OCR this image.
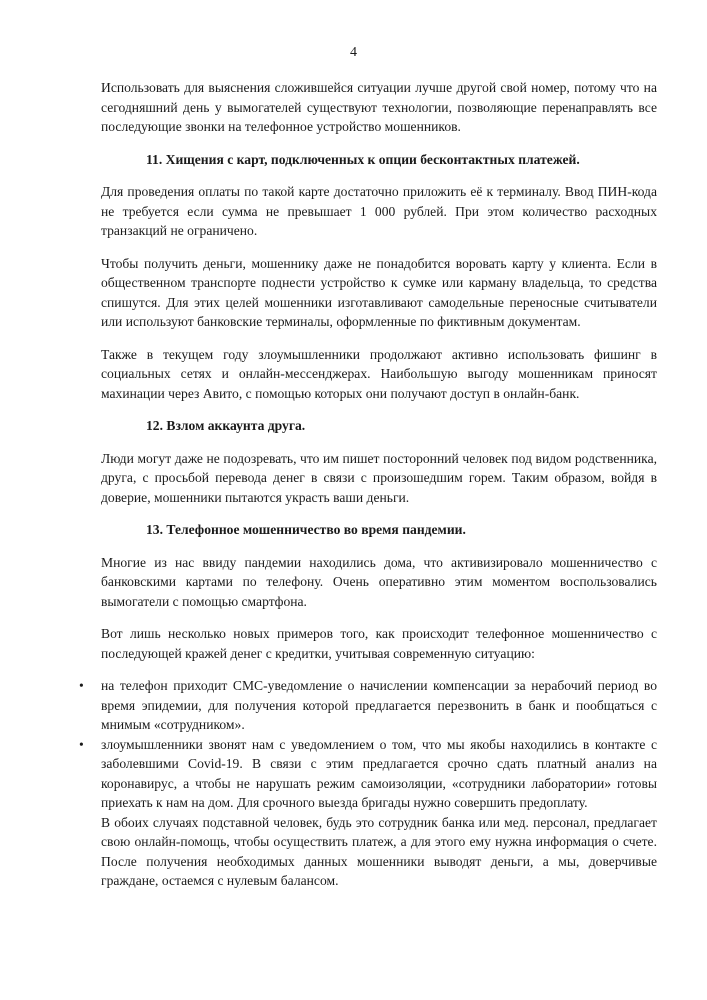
4

Использовать для выяснения сложившейся ситуации лучше другой свой номер, потому что на сегодняшний день у вымогателей существуют технологии, позволяющие перенаправлять все последующие звонки на телефонное устройство мошенников.

11. Хищения с карт, подключенных к опции бесконтактных платежей.

Для проведения оплаты по такой карте достаточно приложить её к терминалу. Ввод ПИН-кода не требуется если сумма не превышает 1 000 рублей. При этом количество расходных транзакций не ограничено.

Чтобы получить деньги, мошеннику даже не понадобится воровать карту у клиента. Если в общественном транспорте поднести устройство к сумке или карману владельца, то средства спишутся. Для этих целей мошенники изготавливают самодельные переносные считыватели или используют банковские терминалы, оформленные по фиктивным документам.

Также в текущем году злоумышленники продолжают активно использовать фишинг в социальных сетях и онлайн-мессенджерах. Наибольшую выгоду мошенникам приносят махинации через Авито, с помощью которых они получают доступ в онлайн-банк.

12. Взлом аккаунта друга.

Люди могут даже не подозревать, что им пишет посторонний человек под видом родственника, друга, с просьбой перевода денег в связи с произошедшим горем. Таким образом, войдя в доверие, мошенники пытаются украсть ваши деньги.

13. Телефонное мошенничество во время пандемии.

Многие из нас ввиду пандемии находились дома, что активизировало мошенничество с банковскими картами по телефону. Очень оперативно этим моментом воспользовались вымогатели с помощью смартфона.

Вот лишь несколько новых примеров того, как происходит телефонное мошенничество с последующей кражей денег с кредитки, учитывая современную ситуацию:

• на телефон приходит СМС-уведомление о начислении компенсации за нерабочий период во время эпидемии, для получения которой предлагается перезвонить в банк и пообщаться с мнимым «сотрудником».
• злоумышленники звонят нам с уведомлением о том, что мы якобы находились в контакте с заболевшими Covid-19. В связи с этим предлагается срочно сдать платный анализ на коронавирус, а чтобы не нарушать режим самоизоляции, «сотрудники лаборатории» готовы приехать к нам на дом. Для срочного выезда бригады нужно совершить предоплату.

В обоих случаях подставной человек, будь это сотрудник банка или мед. персонал, предлагает свою онлайн-помощь, чтобы осуществить платеж, а для этого ему нужна информация о счете. После получения необходимых данных мошенники выводят деньги, а мы, доверчивые граждане, остаемся с нулевым балансом.
